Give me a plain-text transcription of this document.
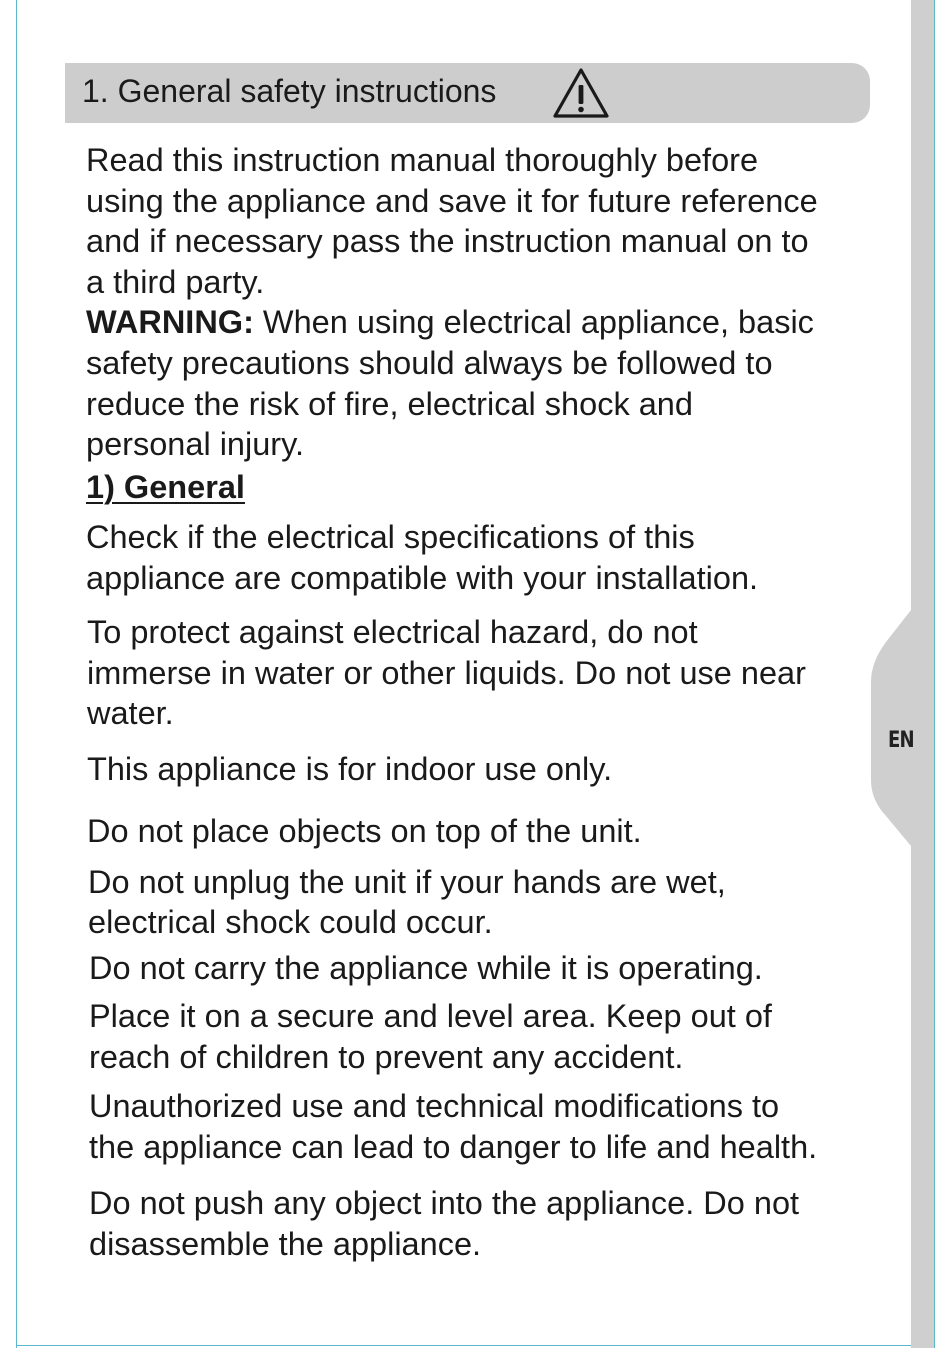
EN
1. General safety instructions

Read this instruction manual thoroughly before

using the appliance and save it for future reference

and if necessary pass the instruction manual on to

a third party.

WARNING: When using electrical appliance, basic

safety precautions should always be followed to

reduce the risk of fire, electrical shock and

personal injury.

1) General

Check if the electrical specifications of this

appliance are compatible with your installation.

To protect against electrical hazard, do not

immerse in water or other liquids. Do not use near

water.

This appliance is for indoor use only.

Do not place objects on top of the unit.

Do not unplug the unit if your hands are wet,

electrical shock could occur.

Do not carry the appliance while it is operating.

Place it on a secure and level area. Keep out of

reach of children to prevent any accident.

Unauthorized use and technical modifications to

the appliance can lead to danger to life and health.

Do not push any object into the appliance. Do not

disassemble the appliance.
